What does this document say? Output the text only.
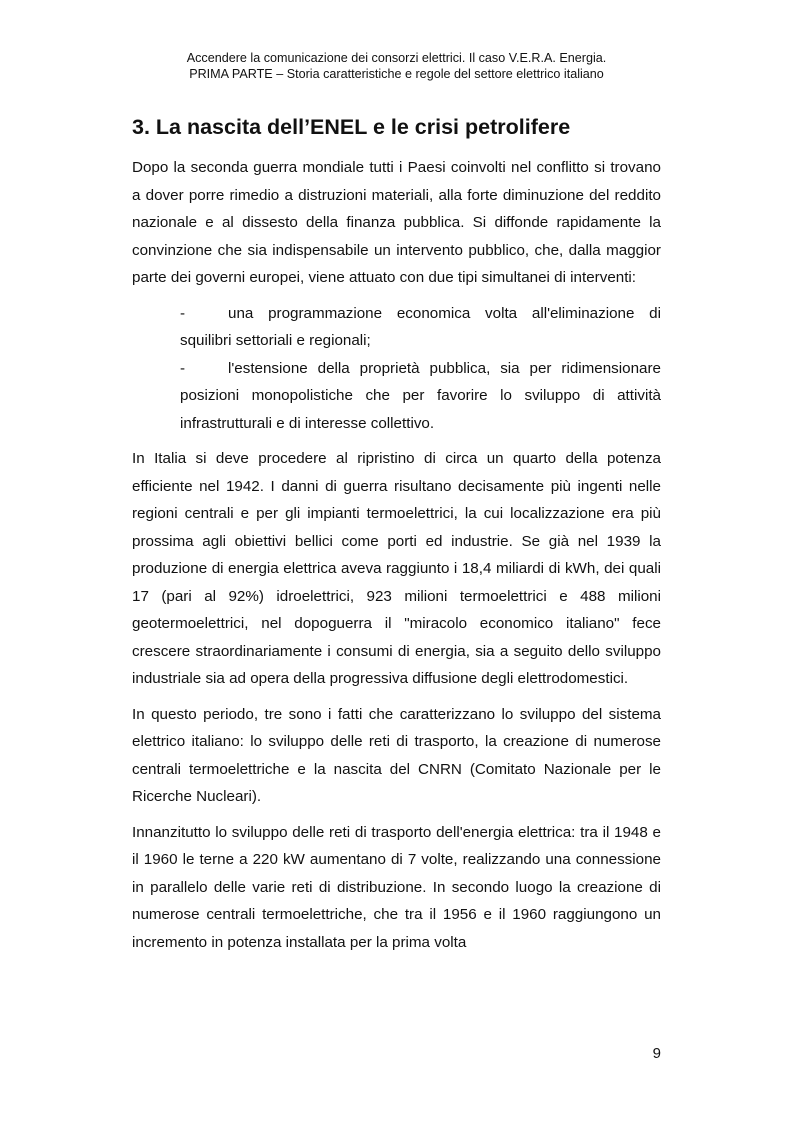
Accendere la comunicazione dei consorzi elettrici. Il caso V.E.R.A. Energia.
PRIMA PARTE – Storia caratteristiche e regole del settore elettrico italiano
3. La nascita dell’ENEL e le crisi petrolifere

Dopo la seconda guerra mondiale tutti i Paesi coinvolti nel conflitto si trovano a dover porre rimedio a distruzioni materiali, alla forte diminuzione del reddito nazionale e al dissesto della finanza pubblica. Si diffonde rapidamente la convinzione che sia indispensabile un intervento pubblico, che, dalla maggior parte dei governi europei, viene attuato con due tipi simultanei di interventi:

-	una programmazione economica volta all'eliminazione di squilibri settoriali e regionali;
-	l'estensione della proprietà pubblica, sia per ridimensionare posizioni monopolistiche che per favorire lo sviluppo di attività infrastrutturali e di interesse collettivo.

In Italia si deve procedere al ripristino di circa un quarto della potenza efficiente nel 1942. I danni di guerra risultano decisamente più ingenti nelle regioni centrali e per gli impianti termoelettrici, la cui localizzazione era più prossima agli obiettivi bellici come porti ed industrie. Se già nel 1939 la produzione di energia elettrica aveva raggiunto i 18,4 miliardi di kWh, dei quali 17 (pari al 92%) idroelettrici, 923 milioni termoelettrici e 488 milioni geotermoelettrici, nel dopoguerra il "miracolo economico italiano" fece crescere straordinariamente i consumi di energia, sia a seguito dello sviluppo industriale sia ad opera della progressiva diffusione degli elettrodomestici.

In questo periodo, tre sono i fatti che caratterizzano lo sviluppo del sistema elettrico italiano: lo sviluppo delle reti di trasporto, la creazione di numerose centrali termoelettriche e la nascita del CNRN (Comitato Nazionale per le Ricerche Nucleari).

Innanzitutto lo sviluppo delle reti di trasporto dell'energia elettrica: tra il 1948 e il 1960 le terne a 220 kW aumentano di 7 volte, realizzando una connessione in parallelo delle varie reti di distribuzione. In secondo luogo la creazione di numerose centrali termoelettriche, che tra il 1956 e il 1960 raggiungono un incremento in potenza installata per la prima volta

9
